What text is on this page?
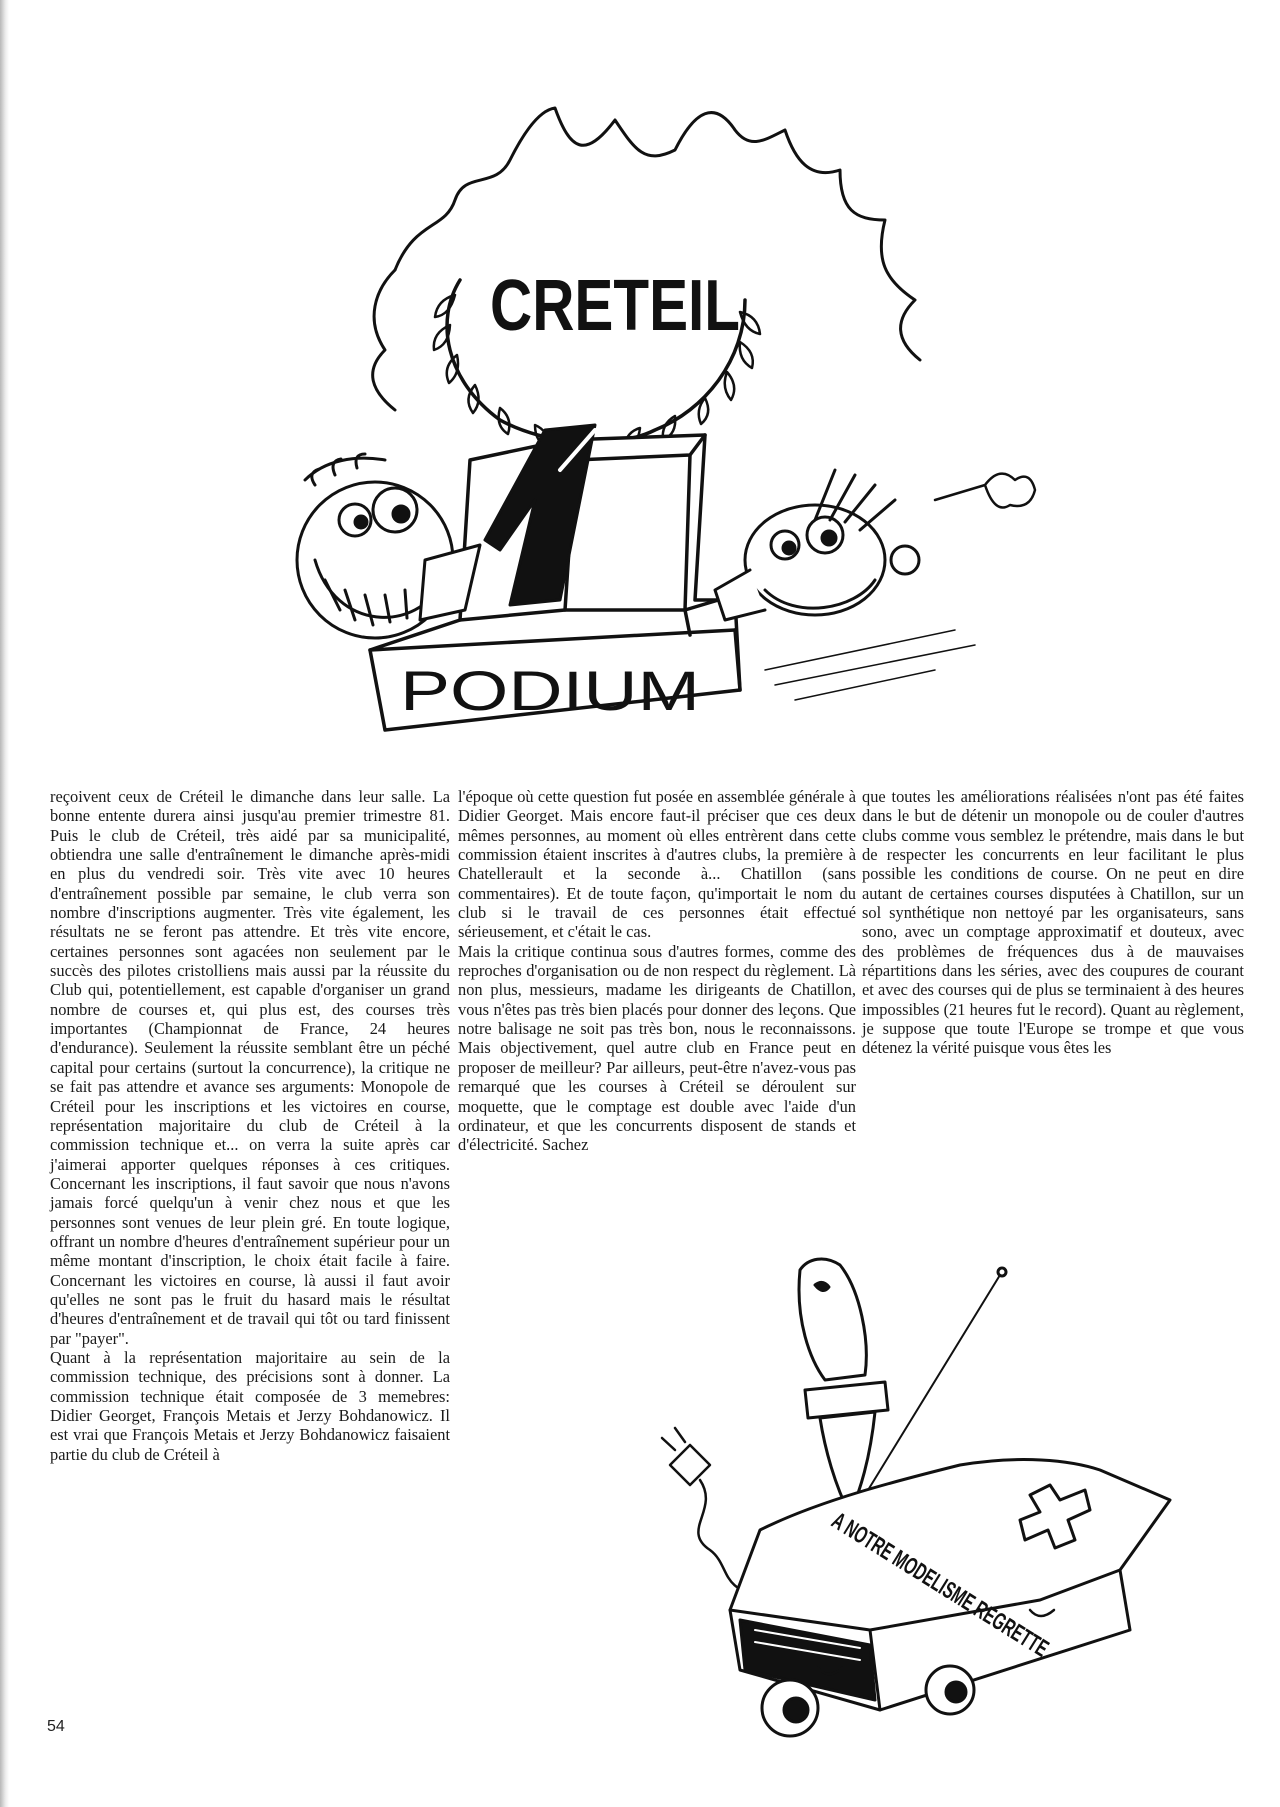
CRETEIL
PODIUM
A NOTRE MODELISME REGRETTE

reçoivent ceux de Créteil le dimanche dans leur salle. La bonne entente durera ainsi jusqu'au premier trimestre 81. Puis le club de Créteil, très aidé par sa municipalité, obtiendra une salle d'entraînement le dimanche après-midi en plus du vendredi soir. Très vite avec 10 heures d'entraînement possible par semaine, le club verra son nombre d'inscriptions augmenter. Très vite également, les résultats ne se feront pas attendre. Et très vite encore, certaines personnes sont agacées non seulement par le succès des pilotes cristolliens mais aussi par la réussite du Club qui, potentiellement, est capable d'organiser un grand nombre de courses et, qui plus est, des courses très importantes (Championnat de France, 24 heures d'endurance). Seulement la réussite semblant être un péché capital pour certains (surtout la concurrence), la critique ne se fait pas attendre et avance ses arguments: Monopole de Créteil pour les inscriptions et les victoires en course, représentation majoritaire du club de Créteil à la commission technique et... on verra la suite après car j'aimerai apporter quelques réponses à ces critiques. Concernant les inscriptions, il faut savoir que nous n'avons jamais forcé quelqu'un à venir chez nous et que les personnes sont venues de leur plein gré. En toute logique, offrant un nombre d'heures d'entraînement supérieur pour un même montant d'inscription, le choix était facile à faire. Concernant les victoires en course, là aussi il faut avoir qu'elles ne sont pas le fruit du hasard mais le résultat d'heures d'entraînement et de travail qui tôt ou tard finissent par "payer".

Quant à la représentation majoritaire au sein de la commission technique, des précisions sont à donner. La commission technique était composée de 3 memebres: Didier Georget, François Metais et Jerzy Bohdanowicz. Il est vrai que François Metais et Jerzy Bohdanowicz faisaient partie du club de Créteil à

l'époque où cette question fut posée en assemblée générale à Didier Georget. Mais encore faut-il préciser que ces deux mêmes personnes, au moment où elles entrèrent dans cette commission étaient inscrites à d'autres clubs, la première à Chatellerault et la seconde à... Chatillon (sans commentaires). Et de toute façon, qu'importait le nom du club si le travail de ces personnes était effectué sérieusement, et c'était le cas.

Mais la critique continua sous d'autres formes, comme des reproches d'organisation ou de non respect du règlement. Là non plus, messieurs, madame les dirigeants de Chatillon, vous n'êtes pas très bien placés pour donner des leçons. Que notre balisage ne soit pas très bon, nous le reconnaissons. Mais objectivement, quel autre club en France peut en proposer de meilleur? Par ailleurs, peut-être n'avez-vous pas remarqué que les courses à Créteil se déroulent sur moquette, que le comptage est double avec l'aide d'un ordinateur, et que les concurrents disposent de stands et d'électricité. Sachez

que toutes les améliorations réalisées n'ont pas été faites dans le but de détenir un monopole ou de couler d'autres clubs comme vous semblez le prétendre, mais dans le but de respecter les concurrents en leur facilitant le plus possible les conditions de course. On ne peut en dire autant de certaines courses disputées à Chatillon, sur un sol synthétique non nettoyé par les organisateurs, sans sono, avec un comptage approximatif et douteux, avec des problèmes de fréquences dus à de mauvaises répartitions dans les séries, avec des coupures de courant et avec des courses qui de plus se terminaient à des heures impossibles (21 heures fut le record). Quant au règlement, je suppose que toute l'Europe se trompe et que vous détenez la vérité puisque vous êtes les

54
